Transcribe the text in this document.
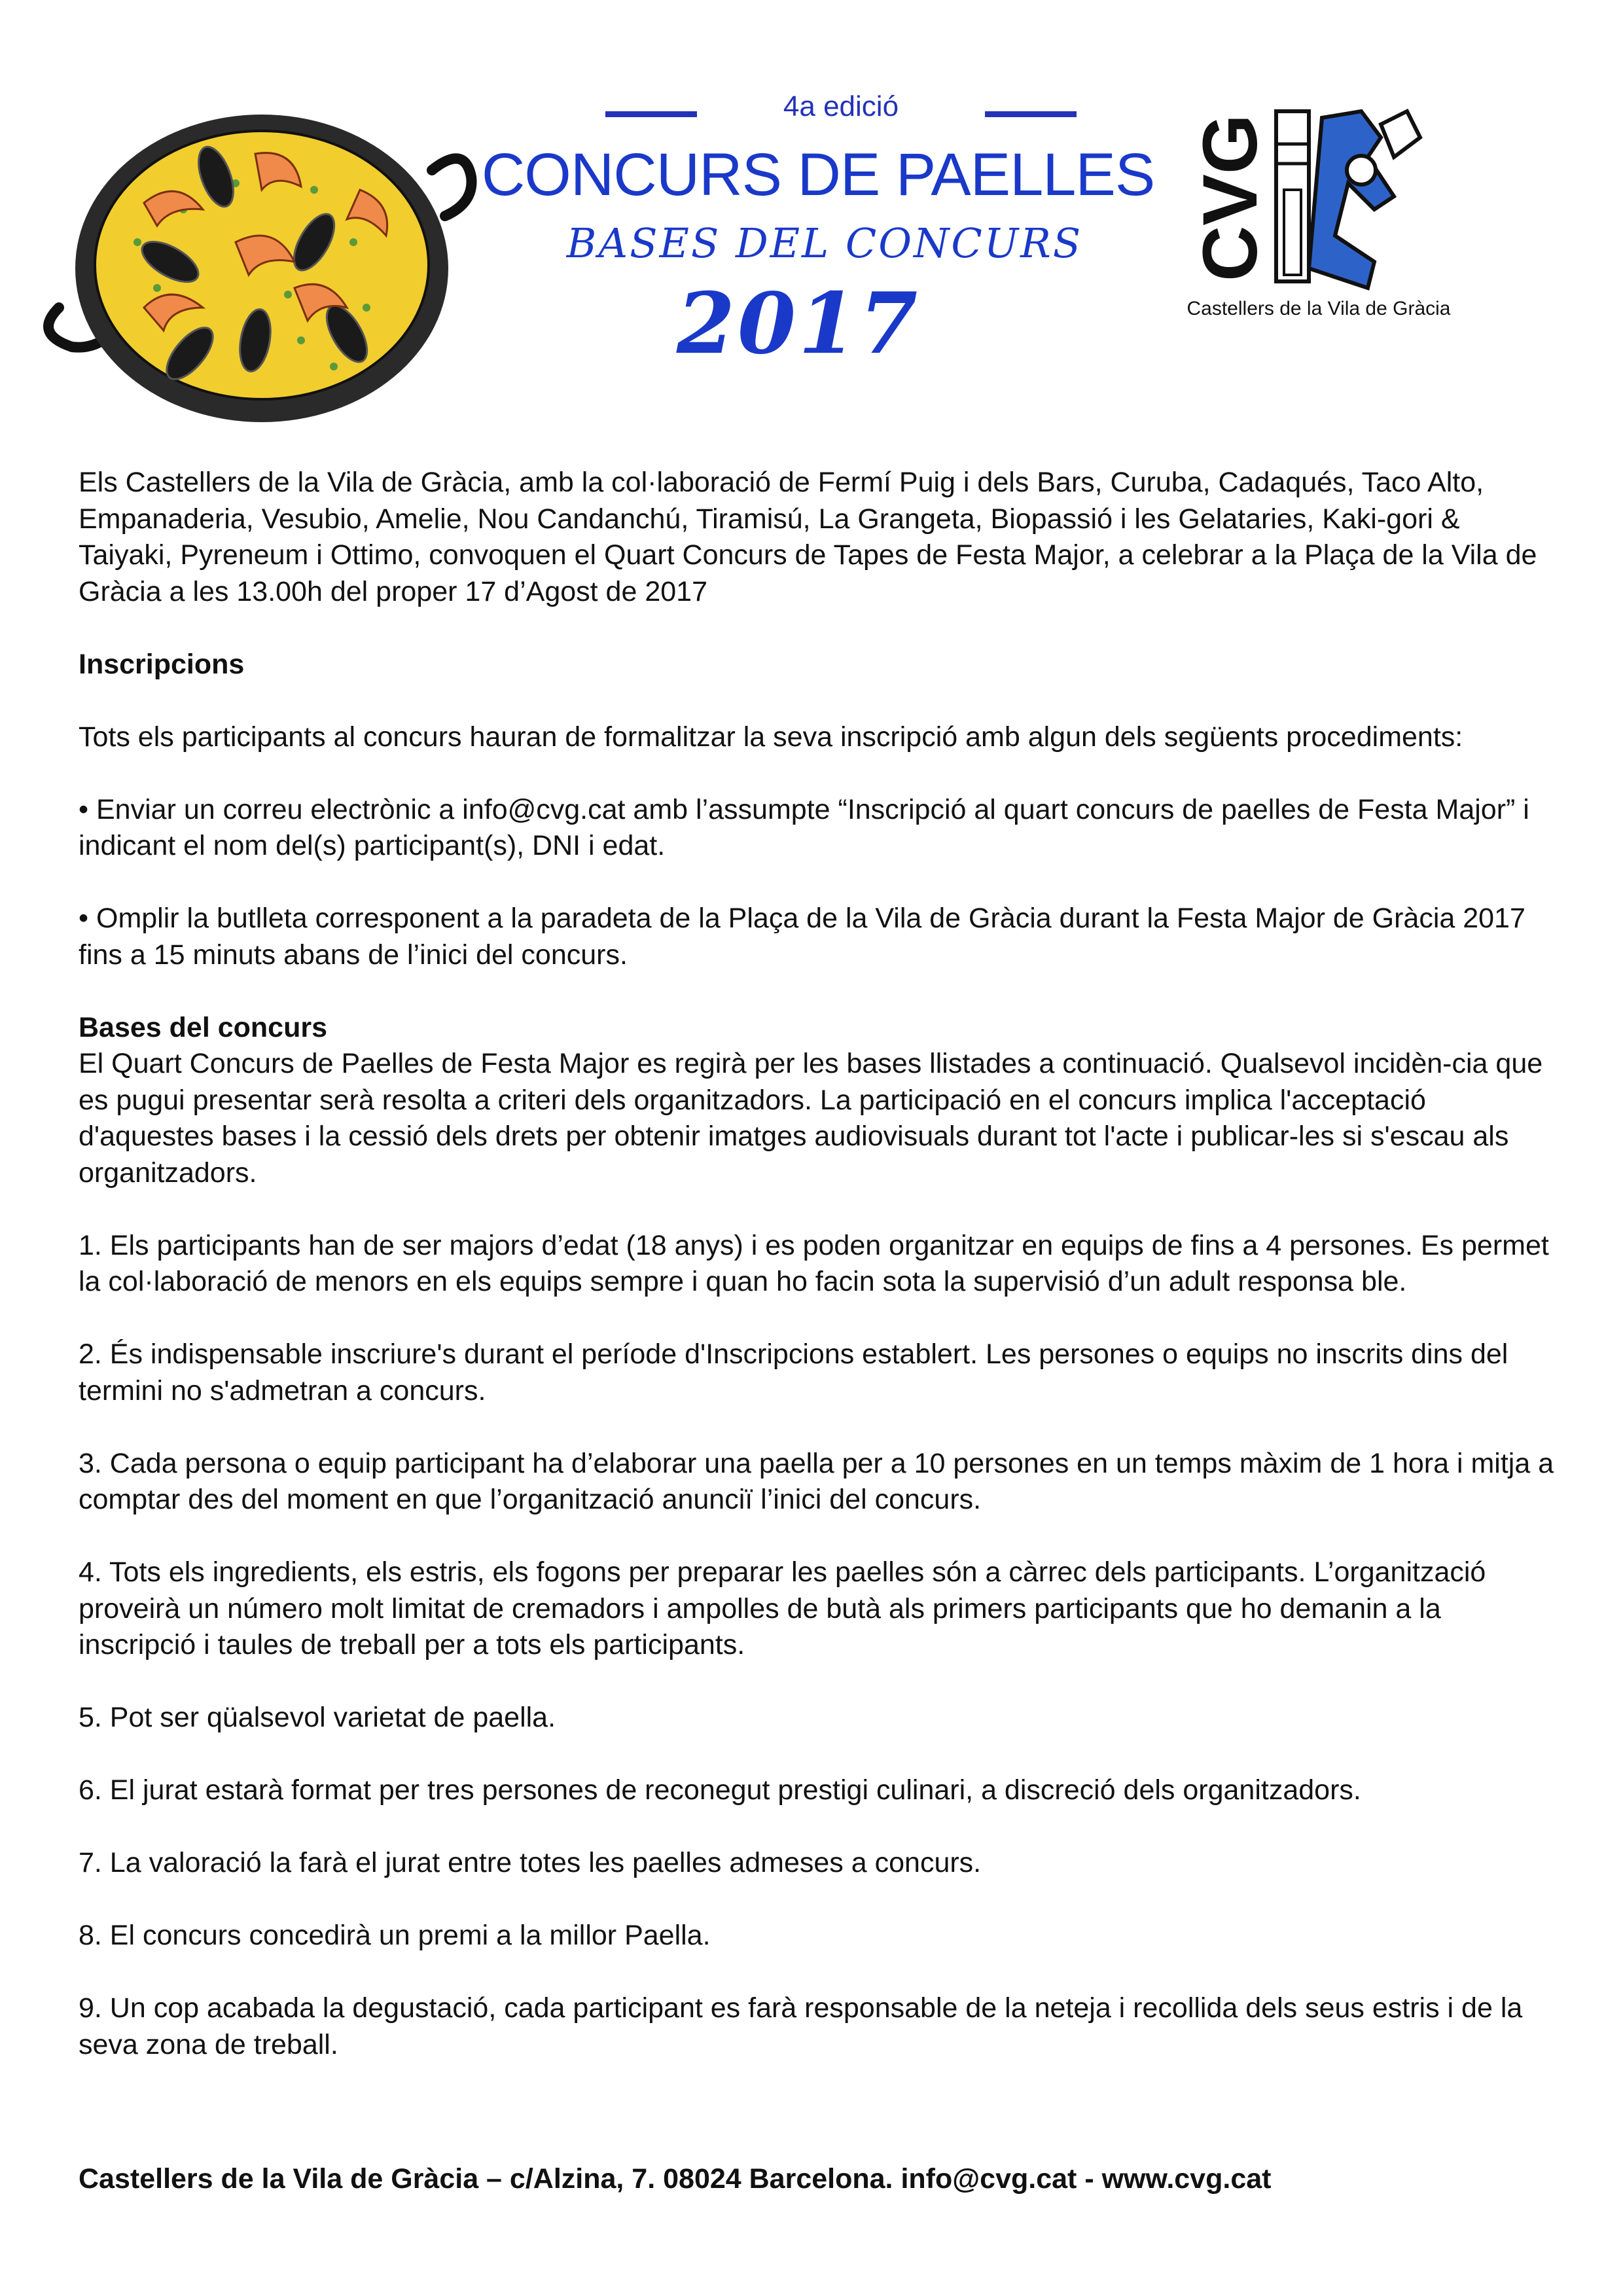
4a edició
CONCURS DE PAELLES
BASES DEL CONCURS
2017
CVG
Castellers de la Vila de Gràcia

Els Castellers de la Vila de Gràcia, amb la col·laboració de Fermí Puig i dels Bars, Curuba, Cadaqués, Taco Alto, Empanaderia, Vesubio, Amelie, Nou Candanchú, Tiramisú, La Grangeta, Biopassió i les Gelataries, Kaki-gori & Taiyaki, Pyreneum i Ottimo, convoquen el Quart Concurs de Tapes de Festa Major, a celebrar a la Plaça de la Vila de Gràcia a les 13.00h del proper 17 d’Agost de 2017

Inscripcions

Tots els participants al concurs hauran de formalitzar la seva inscripció amb algun dels següents procediments:

• Enviar un correu electrònic a info@cvg.cat amb l’assumpte “Inscripció al quart concurs de paelles de Festa Major” i indicant el nom del(s) participant(s), DNI i edat.

• Omplir la butlleta corresponent a la paradeta de la Plaça de la Vila de Gràcia durant la Festa Major de Gràcia 2017 fins a 15 minuts abans de l’inici del concurs.

Bases del concurs

El Quart Concurs de Paelles de Festa Major es regirà per les bases llistades a continuació. Qualsevol incidèn-cia que es pugui presentar serà resolta a criteri dels organitzadors. La participació en el concurs implica l'acceptació d'aquestes bases i la cessió dels drets per obtenir imatges audiovisuals durant tot l'acte i publicar-les si s'escau als organitzadors.

1. Els participants han de ser majors d’edat (18 anys) i es poden organitzar en equips de fins a 4 persones. Es permet la col·laboració de menors en els equips sempre i quan ho facin sota la supervisió d’un adult responsa ble.

2. És indispensable inscriure's durant el període d'Inscripcions establert. Les persones o equips no inscrits dins del termini no s'admetran a concurs.

3. Cada persona o equip participant ha d’elaborar una paella per a 10 persones en un temps màxim de 1 hora i mitja a comptar des del moment en que l’organització anunciï l’inici del concurs.

4. Tots els ingredients, els estris, els fogons per preparar les paelles són a càrrec dels participants. L’organització proveirà un número molt limitat de cremadors i ampolles de butà als primers participants que ho demanin a la inscripció i taules de treball per a tots els participants.

5. Pot ser qüalsevol varietat de paella.

6. El jurat estarà format per tres persones de reconegut prestigi culinari, a discreció dels organitzadors.

7. La valoració la farà el jurat entre totes les paelles admeses a concurs.

8. El concurs concedirà un premi a la millor Paella.

9. Un cop acabada la degustació, cada participant es farà responsable de la neteja i recollida dels seus estris i de la seva zona de treball.

Castellers de la Vila de Gràcia – c/Alzina, 7. 08024 Barcelona. info@cvg.cat - www.cvg.cat
